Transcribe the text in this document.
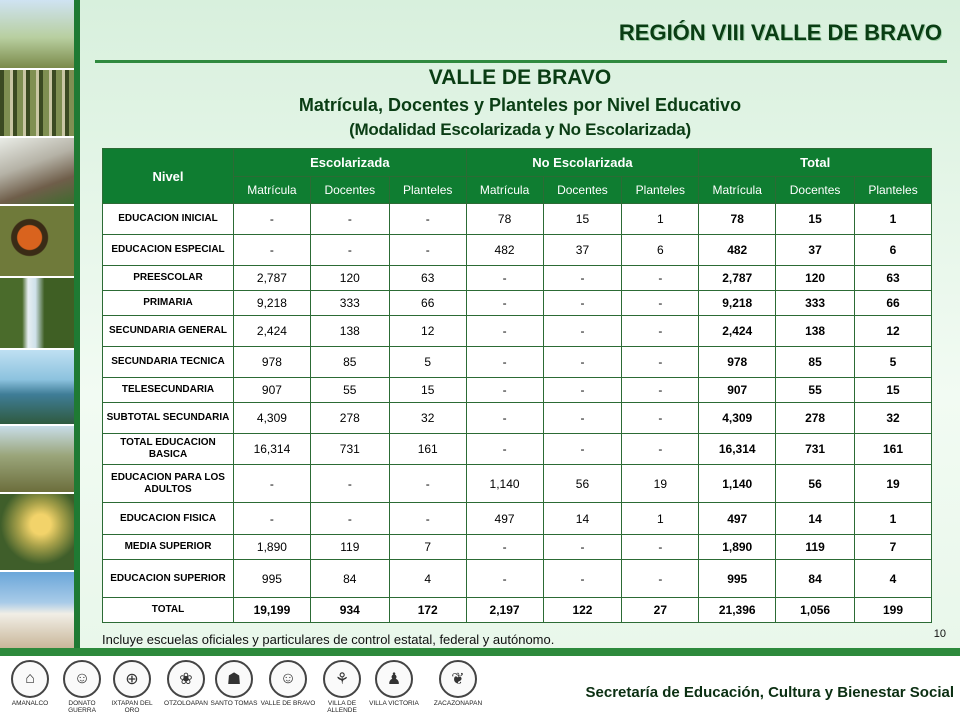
REGIÓN VIII VALLE DE BRAVO
VALLE DE BRAVO
Matrícula, Docentes y Planteles por Nivel Educativo
(Modalidad Escolarizada y No Escolarizada)
Nivel	Escolarizada			No Escolarizada			Total		
	Matrícula	Docentes	Planteles	Matrícula	Docentes	Planteles	Matrícula	Docentes	Planteles
EDUCACION INICIAL	-	-	-	78	15	1	78	15	1
EDUCACION ESPECIAL	-	-	-	482	37	6	482	37	6
PREESCOLAR	2,787	120	63	-	-	-	2,787	120	63
PRIMARIA	9,218	333	66	-	-	-	9,218	333	66
SECUNDARIA GENERAL	2,424	138	12	-	-	-	2,424	138	12
SECUNDARIA TECNICA	978	85	5	-	-	-	978	85	5
TELESECUNDARIA	907	55	15	-	-	-	907	55	15
SUBTOTAL SECUNDARIA	4,309	278	32	-	-	-	4,309	278	32
TOTAL EDUCACION BASICA	16,314	731	161	-	-	-	16,314	731	161
EDUCACION PARA LOS ADULTOS	-	-	-	1,140	56	19	1,140	56	19
EDUCACION FISICA	-	-	-	497	14	1	497	14	1
MEDIA SUPERIOR	1,890	119	7	-	-	-	1,890	119	7
EDUCACION SUPERIOR	995	84	4	-	-	-	995	84	4
TOTAL	19,199	934	172	2,197	122	27	21,396	1,056	199
Incluye escuelas oficiales y particulares de control estatal, federal y autónomo.	10
⌂
AMANALCO
☺
DONATO GUERRA
⊕
IXTAPAN DEL ORO
❀
OTZOLOAPAN
☗
SANTO TOMAS
☺
VALLE DE BRAVO
⚘
VILLA DE ALLENDE
♟
VILLA VICTORIA
❦
ZACAZONAPAN
Secretaría de Educación, Cultura y Bienestar Social
